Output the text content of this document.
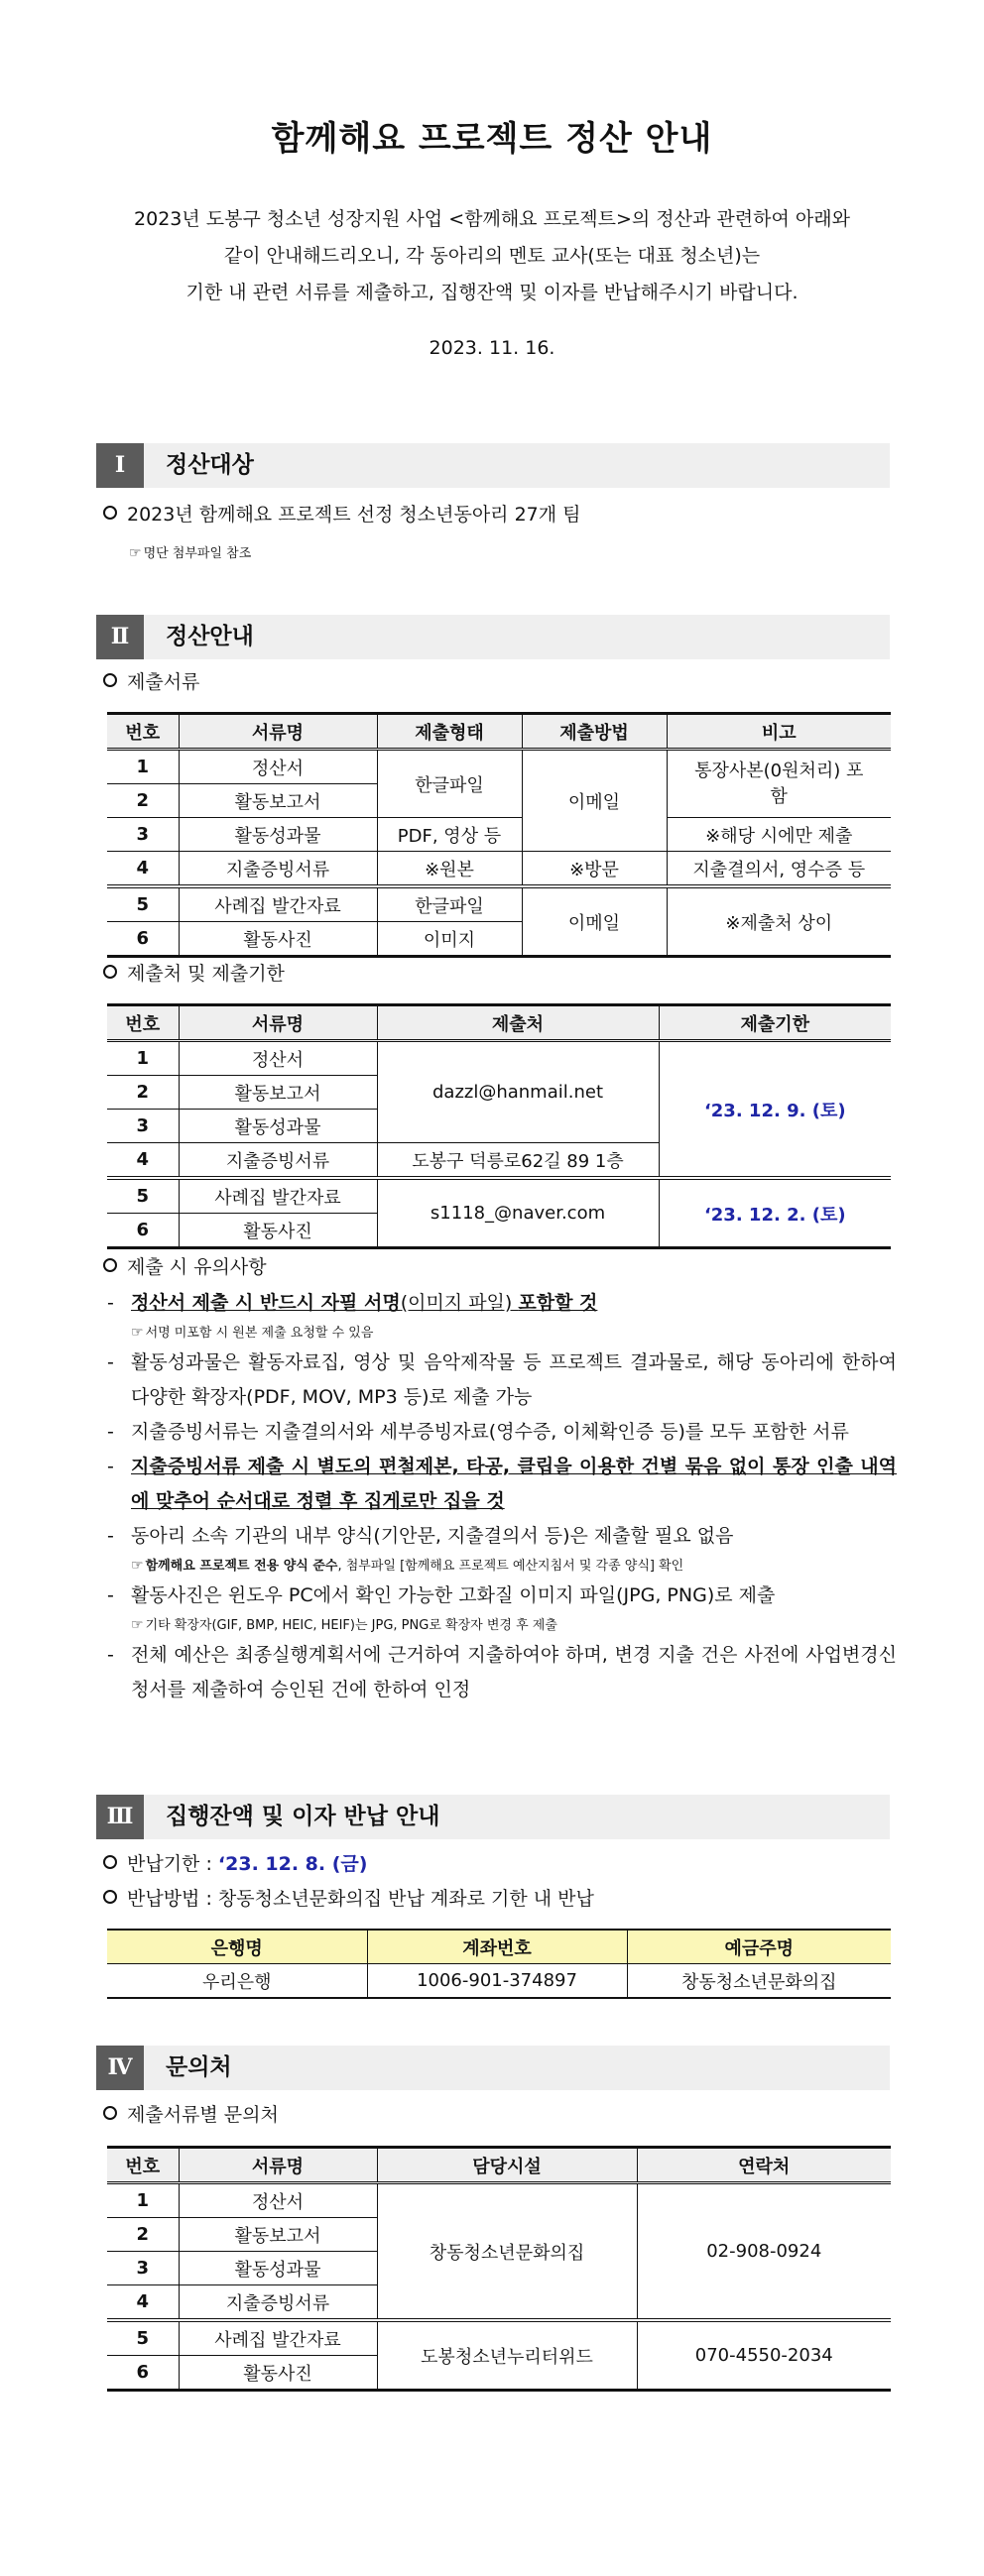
함께해요 프로젝트 정산 안내
2023년 도봉구 청소년 성장지원 사업 <함께해요 프로젝트>의 정산과 관련하여 아래와
같이 안내해드리오니, 각 동아리의 멘토 교사(또는 대표 청소년)는
기한 내 관련 서류를 제출하고, 집행잔액 및 이자를 반납해주시기 바랍니다.
2023. 11. 16.
Ⅰ	정산대상
2023년 함께해요 프로젝트 선정 청소년동아리 27개 팀
☞ 명단 첨부파일 참조
Ⅱ	정산안내
제출서류
번호	서류명	제출형태	제출방법	비고
1	정산서	한글파일	이메일	통장사본(0원처리) 포함
2	활동보고서			
3	활동성과물	PDF, 영상 등		※해당 시에만 제출
4	지출증빙서류	※원본	※방문	지출결의서, 영수증 등
5	사례집 발간자료	한글파일	이메일	※제출처 상이
6	활동사진	이미지		
제출처 및 제출기한
번호	서류명	제출처	제출기한
1	정산서	dazzl@hanmail.net	‘23. 12. 9. (토)
2	활동보고서		
3	활동성과물		
4	지출증빙서류	도봉구 덕릉로62길 89 1층	
5	사례집 발간자료	s1118_@naver.com	‘23. 12. 2. (토)
6	활동사진		
제출 시 유의사항
- 정산서 제출 시 반드시 자필 서명(이미지 파일) 포함할 것
☞ 서명 미포함 시 원본 제출 요청할 수 있음
- 활동성과물은 활동자료집, 영상 및 음악제작물 등 프로젝트 결과물로, 해당 동아리에 한하여 다양한 확장자(PDF, MOV, MP3 등)로 제출 가능
- 지출증빙서류는 지출결의서와 세부증빙자료(영수증, 이체확인증 등)를 모두 포함한 서류
- 지출증빙서류 제출 시 별도의 편철제본, 타공, 클립을 이용한 건별 묶음 없이 통장 인출 내역에 맞추어 순서대로 정렬 후 집게로만 집을 것
- 동아리 소속 기관의 내부 양식(기안문, 지출결의서 등)은 제출할 필요 없음
☞ 함께해요 프로젝트 전용 양식 준수, 첨부파일 [함께해요 프로젝트 예산지침서 및 각종 양식] 확인
- 활동사진은 윈도우 PC에서 확인 가능한 고화질 이미지 파일(JPG, PNG)로 제출
☞ 기타 확장자(GIF, BMP, HEIC, HEIF)는 JPG, PNG로 확장자 변경 후 제출
- 전체 예산은 최종실행계획서에 근거하여 지출하여야 하며, 변경 지출 건은 사전에 사업변경신청서를 제출하여 승인된 건에 한하여 인정
Ⅲ	집행잔액 및 이자 반납 안내
반납기한 : ‘23. 12. 8. (금)
반납방법 : 창동청소년문화의집 반납 계좌로 기한 내 반납
은행명	계좌번호	예금주명
우리은행	1006-901-374897	창동청소년문화의집
Ⅳ	문의처
제출서류별 문의처
번호	서류명	담당시설	연락처
1	정산서	창동청소년문화의집	02-908-0924
2	활동보고서		
3	활동성과물		
4	지출증빙서류		
5	사례집 발간자료	도봉청소년누리터위드	070-4550-2034
6	활동사진		
